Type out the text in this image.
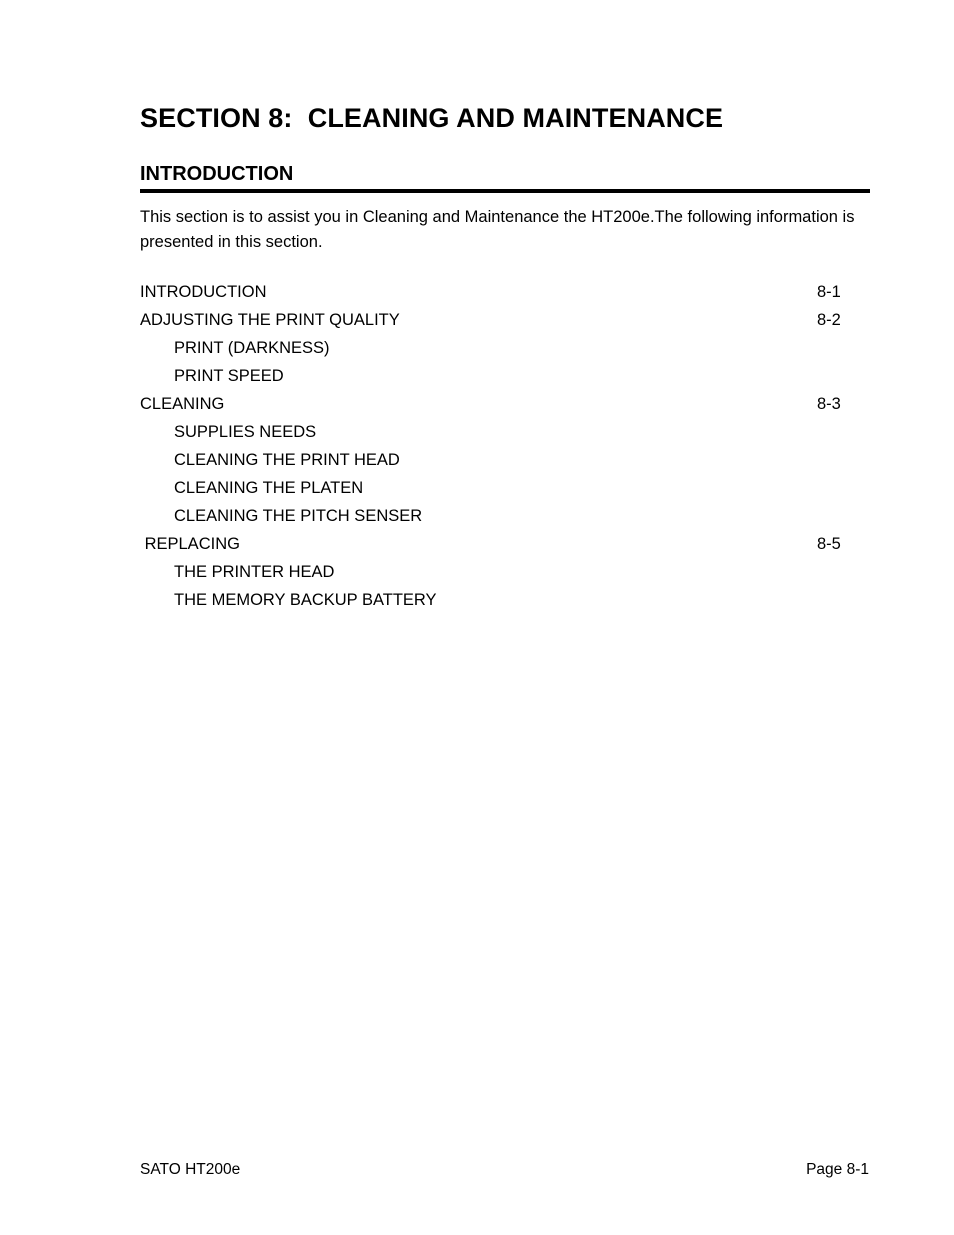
SECTION 8:  CLEANING AND MAINTENANCE
INTRODUCTION

This section is to assist you in Cleaning and Maintenance the HT200e.The following information is presented in this section.

INTRODUCTION	8-1
ADJUSTING THE PRINT QUALITY	8-2
PRINT (DARKNESS)
PRINT SPEED
CLEANING	8-3
SUPPLIES NEEDS
CLEANING THE PRINT HEAD
CLEANING THE PLATEN
CLEANING THE PITCH SENSER
REPLACING	8-5
THE PRINTER HEAD
THE MEMORY BACKUP BATTERY
SATO HT200e	Page 8-1
